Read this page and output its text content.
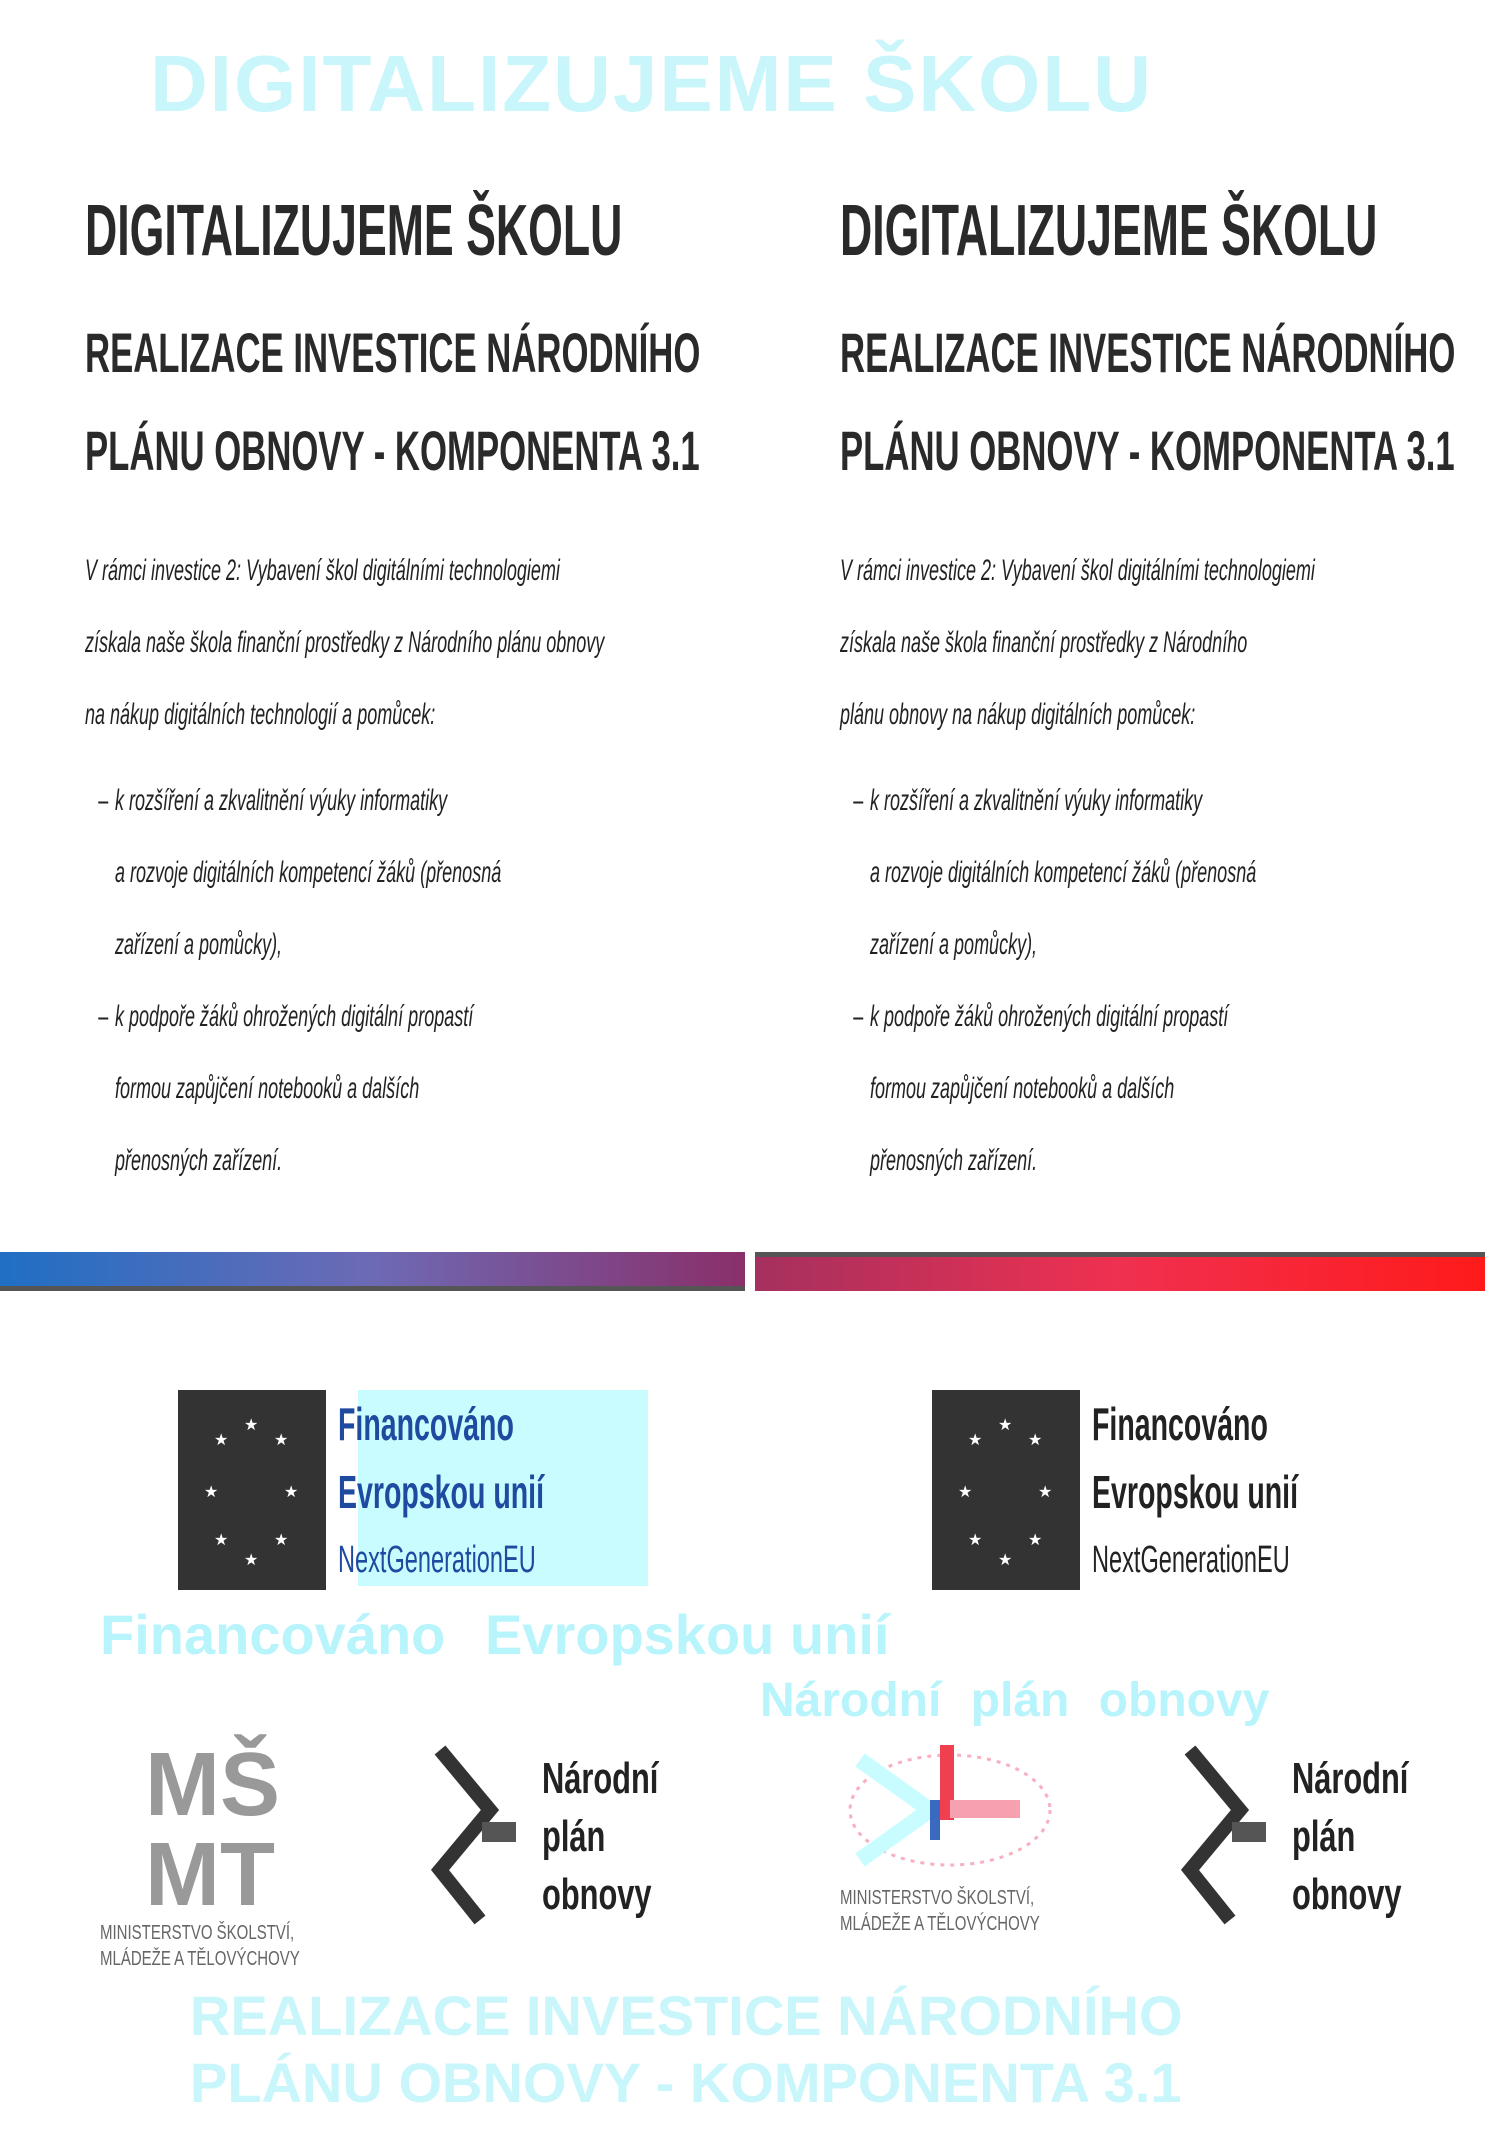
DIGITALIZUJEME ŠKOLU
REALIZACE INVESTICE NÁRODNÍHO
PLÁNU OBNOVY - KOMPONENTA 3.1
DIGITALIZUJEME ŠKOLU
REALIZACE INVESTICE NÁRODNÍHO
PLÁNU OBNOVY - KOMPONENTA 3.1
V rámci investice 2: Vybavení škol digitálními technologiemi
získala naše škola finanční prostředky z Národního plánu obnovy
na nákup digitálních technologií a pomůcek:
– k rozšíření a zkvalitnění výuky informatiky
a rozvoje digitálních kompetencí žáků (přenosná
zařízení a pomůcky),
– k podpoře žáků ohrožených digitální propastí
formou zapůjčení notebooků a dalších
přenosných zařízení.
DIGITALIZUJEME ŠKOLU
REALIZACE INVESTICE NÁRODNÍHO
PLÁNU OBNOVY - KOMPONENTA 3.1
V rámci investice 2: Vybavení škol digitálními technologiemi
získala naše škola finanční prostředky z Národního
plánu obnovy na nákup digitálních pomůcek:
– k rozšíření a zkvalitnění výuky informatiky
a rozvoje digitálních kompetencí žáků (přenosná
zařízení a pomůcky),
– k podpoře žáků ohrožených digitální propastí
formou zapůjčení notebooků a dalších
přenosných zařízení.
★
★
★
★
★
★
★
★ Financováno
Evropskou unií
NextGenerationEU
★
★
★
★
★
★
★
★ Financováno
Evropskou unií
NextGenerationEU
Financováno Evropskou unií
Národní plán obnovy
MŠ MT
MINISTERSTVO ŠKOLSTVÍ,
MLÁDEŽE A TĚLOVÝCHOVY
Národní
plán
obnovy	MINISTERSTVO ŠKOLSTVÍ,
MLÁDEŽE A TĚLOVÝCHOVY
Národní
plán
obnovy
